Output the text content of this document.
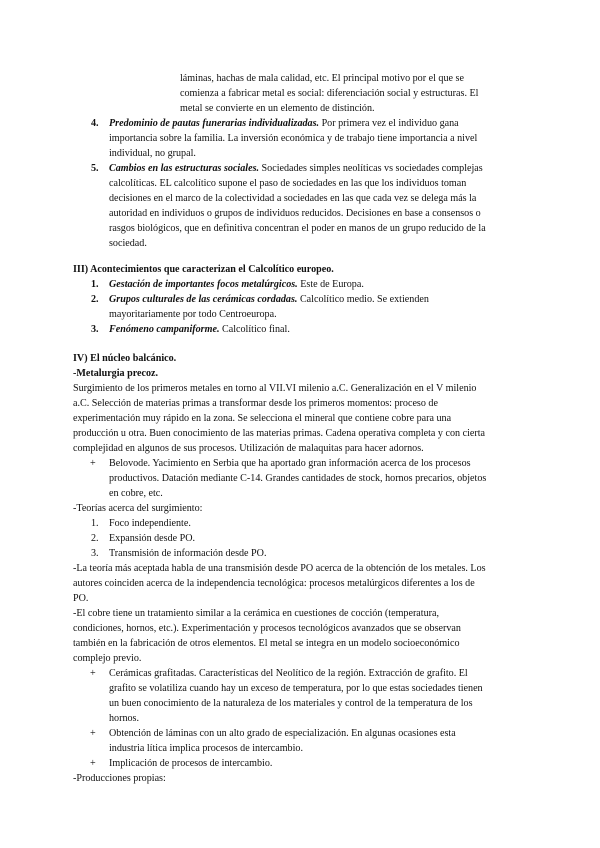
láminas, hachas de mala calidad, etc. El principal motivo por el que se
comienza a fabricar metal es social: diferenciación social y estructuras. El
metal se convierte en un elemento de distinción.
4. Predominio de pautas funerarias individualizadas. Por primera vez el individuo gana
importancia sobre la familia. La inversión económica y de trabajo tiene importancia a nivel
individual, no grupal.
5. Cambios en las estructuras sociales. Sociedades simples neolíticas vs sociedades complejas
calcolíticas. EL calcolítico supone el paso de sociedades en las que los individuos toman
decisiones en el marco de la colectividad a sociedades en las que cada vez se delega más la
autoridad en individuos o grupos de individuos reducidos. Decisiones en base a consensos o
rasgos biológicos, que en definitiva concentran el poder en manos de un grupo reducido de la
sociedad.
III) Acontecimientos que caracterizan el Calcolítico europeo.
1. Gestación de importantes focos metalúrgicos. Este de Europa.
2. Grupos culturales de las cerámicas cordadas. Calcolítico medio. Se extienden
mayoritariamente por todo Centroeuropa.
3. Fenómeno campaniforme. Calcolítico final.
IV) El núcleo balcánico.
-Metalurgia precoz.
Surgimiento de los primeros metales en torno al VII.VI milenio a.C. Generalización en el V milenio
a.C. Selección de materias primas a transformar desde los primeros momentos: proceso de
experimentación muy rápido en la zona. Se selecciona el mineral que contiene cobre para una
producción u otra. Buen conocimiento de las materias primas. Cadena operativa completa y con cierta
complejidad en algunos de sus procesos. Utilización de malaquitas para hacer adornos.
+ Belovode. Yacimiento en Serbia que ha aportado gran información acerca de los procesos
productivos. Datación mediante C-14. Grandes cantidades de stock, hornos precarios, objetos
en cobre, etc.
-Teorías acerca del surgimiento:
1. Foco independiente.
2. Expansión desde PO.
3. Transmisión de información desde PO.
-La teoría más aceptada habla de una transmisión desde PO acerca de la obtención de los metales. Los
autores coinciden acerca de la independencia tecnológica: procesos metalúrgicos diferentes a los de
PO.
-El cobre tiene un tratamiento similar a la cerámica en cuestiones de cocción (temperatura,
condiciones, hornos, etc.). Experimentación y procesos tecnológicos avanzados que se observan
también en la fabricación de otros elementos. El metal se integra en un modelo socioeconómico
complejo previo.
+ Cerámicas grafitadas. Características del Neolítico de la región. Extracción de grafito. El
grafito se volatiliza cuando hay un exceso de temperatura, por lo que estas sociedades tienen
un buen conocimiento de la naturaleza de los materiales y control de la temperatura de los
hornos.
+ Obtención de láminas con un alto grado de especialización. En algunas ocasiones esta
industria lítica implica procesos de intercambio.
+ Implicación de procesos de intercambio.
-Producciones propias:
